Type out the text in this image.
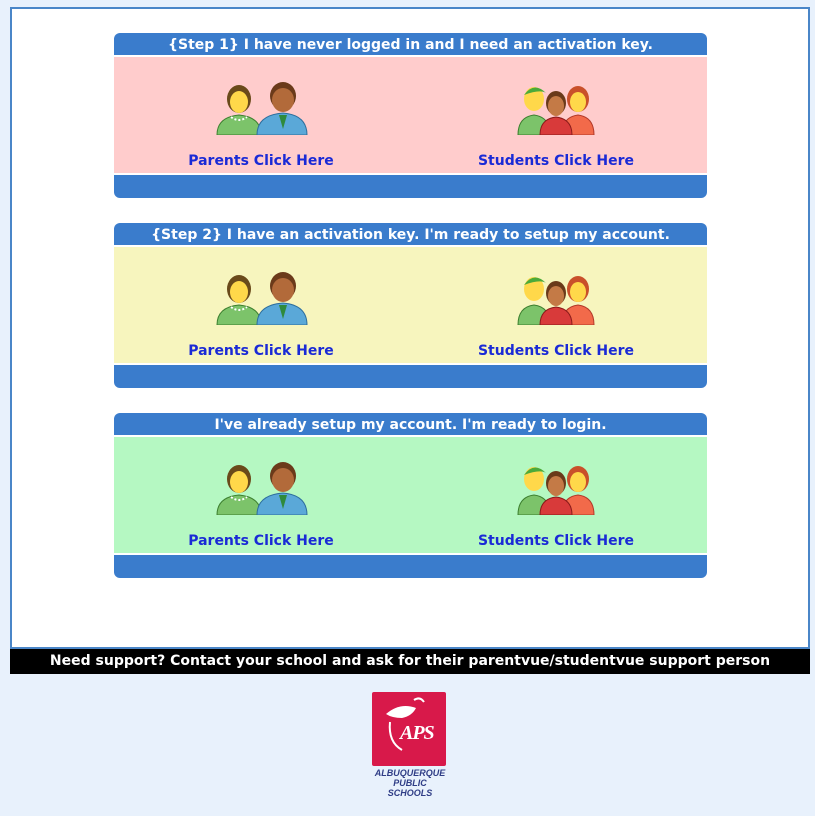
{Step 1} I have never logged in and I need an activation key.
Parents Click Here	Students Click Here
{Step 2} I have an activation key. I'm ready to setup my account.
Parents Click Here	Students Click Here
I've already setup my account. I'm ready to login.
Parents Click Here	Students Click Here
Need support? Contact your school and ask for their parentvue/studentvue support person
APS
ALBUQUERQUE
PUBLIC SCHOOLS
